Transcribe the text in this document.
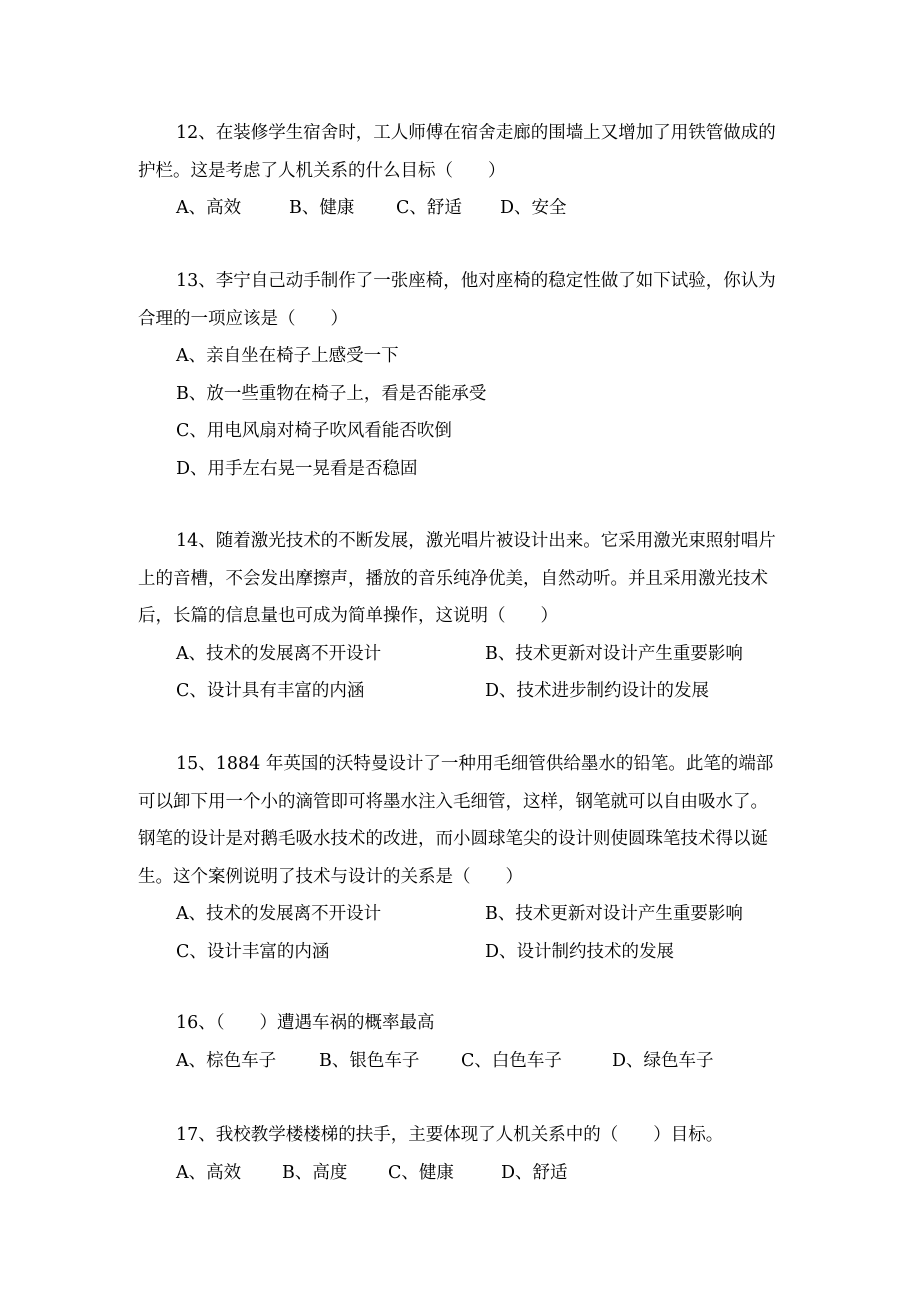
12、在装修学生宿舍时，工人师傅在宿舍走廊的围墙上又增加了用铁管做成的护栏。这是考虑了人机关系的什么目标（　　）

A、高效	B、健康 C、舒适 D、安全

13、李宁自己动手制作了一张座椅，他对座椅的稳定性做了如下试验，你认为合理的一项应该是（　　）

A、亲自坐在椅子上感受一下
B、放一些重物在椅子上，看是否能承受
C、用电风扇对椅子吹风看能否吹倒
D、用手左右晃一晃看是否稳固

14、随着激光技术的不断发展，激光唱片被设计出来。它采用激光束照射唱片上的音槽，不会发出摩擦声，播放的音乐纯净优美，自然动听。并且采用激光技术后，长篇的信息量也可成为简单操作，这说明（　　）

A、技术的发展离不开设计	B、技术更新对设计产生重要影响
C、设计具有丰富的内涵	D、技术进步制约设计的发展

15、1884 年英国的沃特曼设计了一种用毛细管供给墨水的铅笔。此笔的端部可以卸下用一个小的滴管即可将墨水注入毛细管，这样，钢笔就可以自由吸水了。钢笔的设计是对鹅毛吸水技术的改进，而小圆球笔尖的设计则使圆珠笔技术得以诞生。这个案例说明了技术与设计的关系是（　　）

A、技术的发展离不开设计	B、技术更新对设计产生重要影响
C、设计丰富的内涵	D、设计制约技术的发展

16、（　　）遭遇车祸的概率最高

A、棕色车子 B、银色车子 C、白色车子	D、绿色车子

17、我校教学楼楼梯的扶手，主要体现了人机关系中的（　　）目标。

A、高效 B、高度 C、健康	D、舒适
